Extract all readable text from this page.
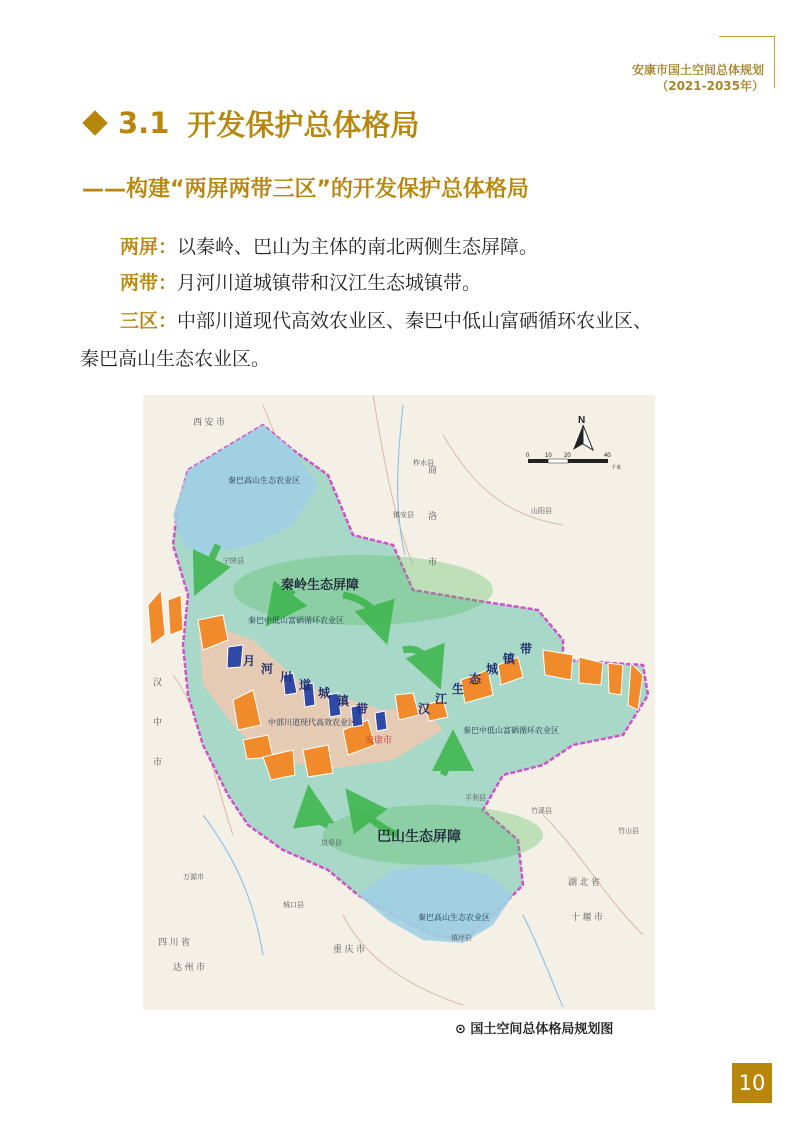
安康市国土空间总体规划
（2021-2035年）
3.1 开发保护总体格局
——构建“两屏两带三区”的开发保护总体格局
两屏：以秦岭、巴山为主体的南北两侧生态屏障。
两带：月河川道城镇带和汉江生态城镇带。
三区：中部川道现代高效农业区、秦巴中低山富硒循环农业区、
秦巴高山生态农业区。
月
河
川
道
城
镇
带	汉
江
生
态
城
镇
带
秦巴高山生态农业区
秦巴中低山富硒循环农业区
中部川道现代高效农业区
秦巴中低山富硒循环农业区
秦巴高山生态农业区
秦岭生态屏障
巴山生态屏障
西 安 市
商
洛
市
汉
中
市
安康市
重 庆 市
四 川 省
达 州 市
湖 北 省
十 堰 市
柞水县
山阳县
镇安县
宁陕县
竹溪县
竹山县
平利县
岚皋县
镇坪县
城口县
万源市
N
0	10 20	40
千米
⊙ 国土空间总体格局规划图
10
